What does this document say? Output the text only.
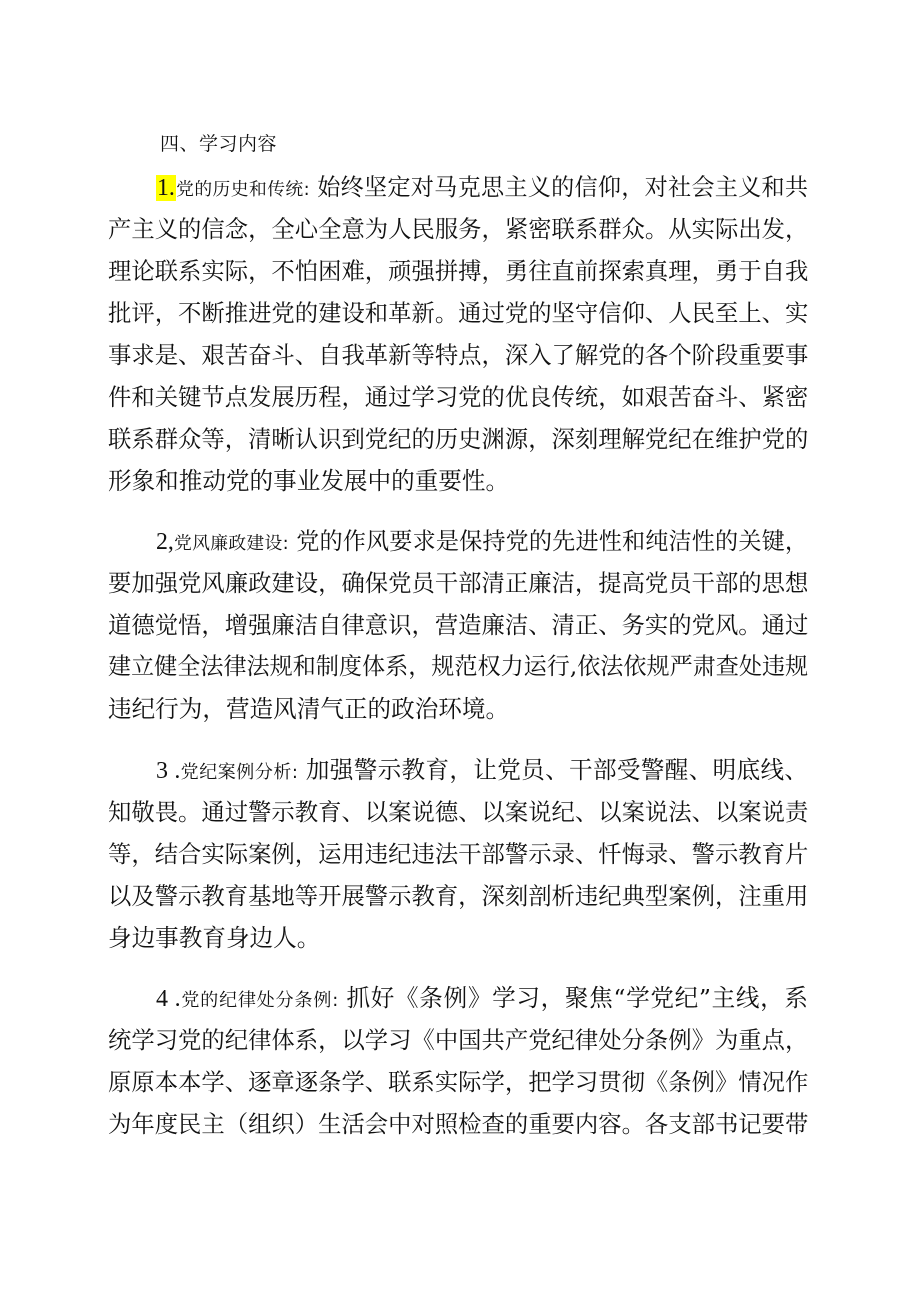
四、学习内容
1.党的历史和传统: 始终坚定对马克思主义的信仰，对社会主义和共
产主义的信念，全心全意为人民服务，紧密联系群众。从实际出发，
理论联系实际，不怕困难，顽强拼搏，勇往直前探索真理，勇于自我
批评，不断推进党的建设和革新。通过党的坚守信仰、人民至上、实
事求是、艰苦奋斗、自我革新等特点，深入了解党的各个阶段重要事
件和关键节点发展历程，通过学习党的优良传统，如艰苦奋斗、紧密
联系群众等，清晰认识到党纪的历史渊源，深刻理解党纪在维护党的
形象和推动党的事业发展中的重要性。
2,党风廉政建设: 党的作风要求是保持党的先进性和纯洁性的关键，
要加强党风廉政建设，确保党员干部清正廉洁，提高党员干部的思想
道德觉悟，增强廉洁自律意识，营造廉洁、清正、务实的党风。通过
建立健全法律法规和制度体系，规范权力运行,依法依规严肃查处违规
违纪行为，营造风清气正的政治环境。
3 .党纪案例分析: 加强警示教育，让党员、干部受警醒、明底线、
知敬畏。通过警示教育、以案说德、以案说纪、以案说法、以案说责
等，结合实际案例，运用违纪违法干部警示录、忏悔录、警示教育片
以及警示教育基地等开展警示教育，深刻剖析违纪典型案例，注重用
身边事教育身边人。
4 .党的纪律处分条例: 抓好《条例》学习，聚焦“学党纪”主线，系
统学习党的纪律体系，以学习《中国共产党纪律处分条例》为重点，
原原本本学、逐章逐条学、联系实际学，把学习贯彻《条例》情况作
为年度民主（组织）生活会中对照检查的重要内容。各支部书记要带
